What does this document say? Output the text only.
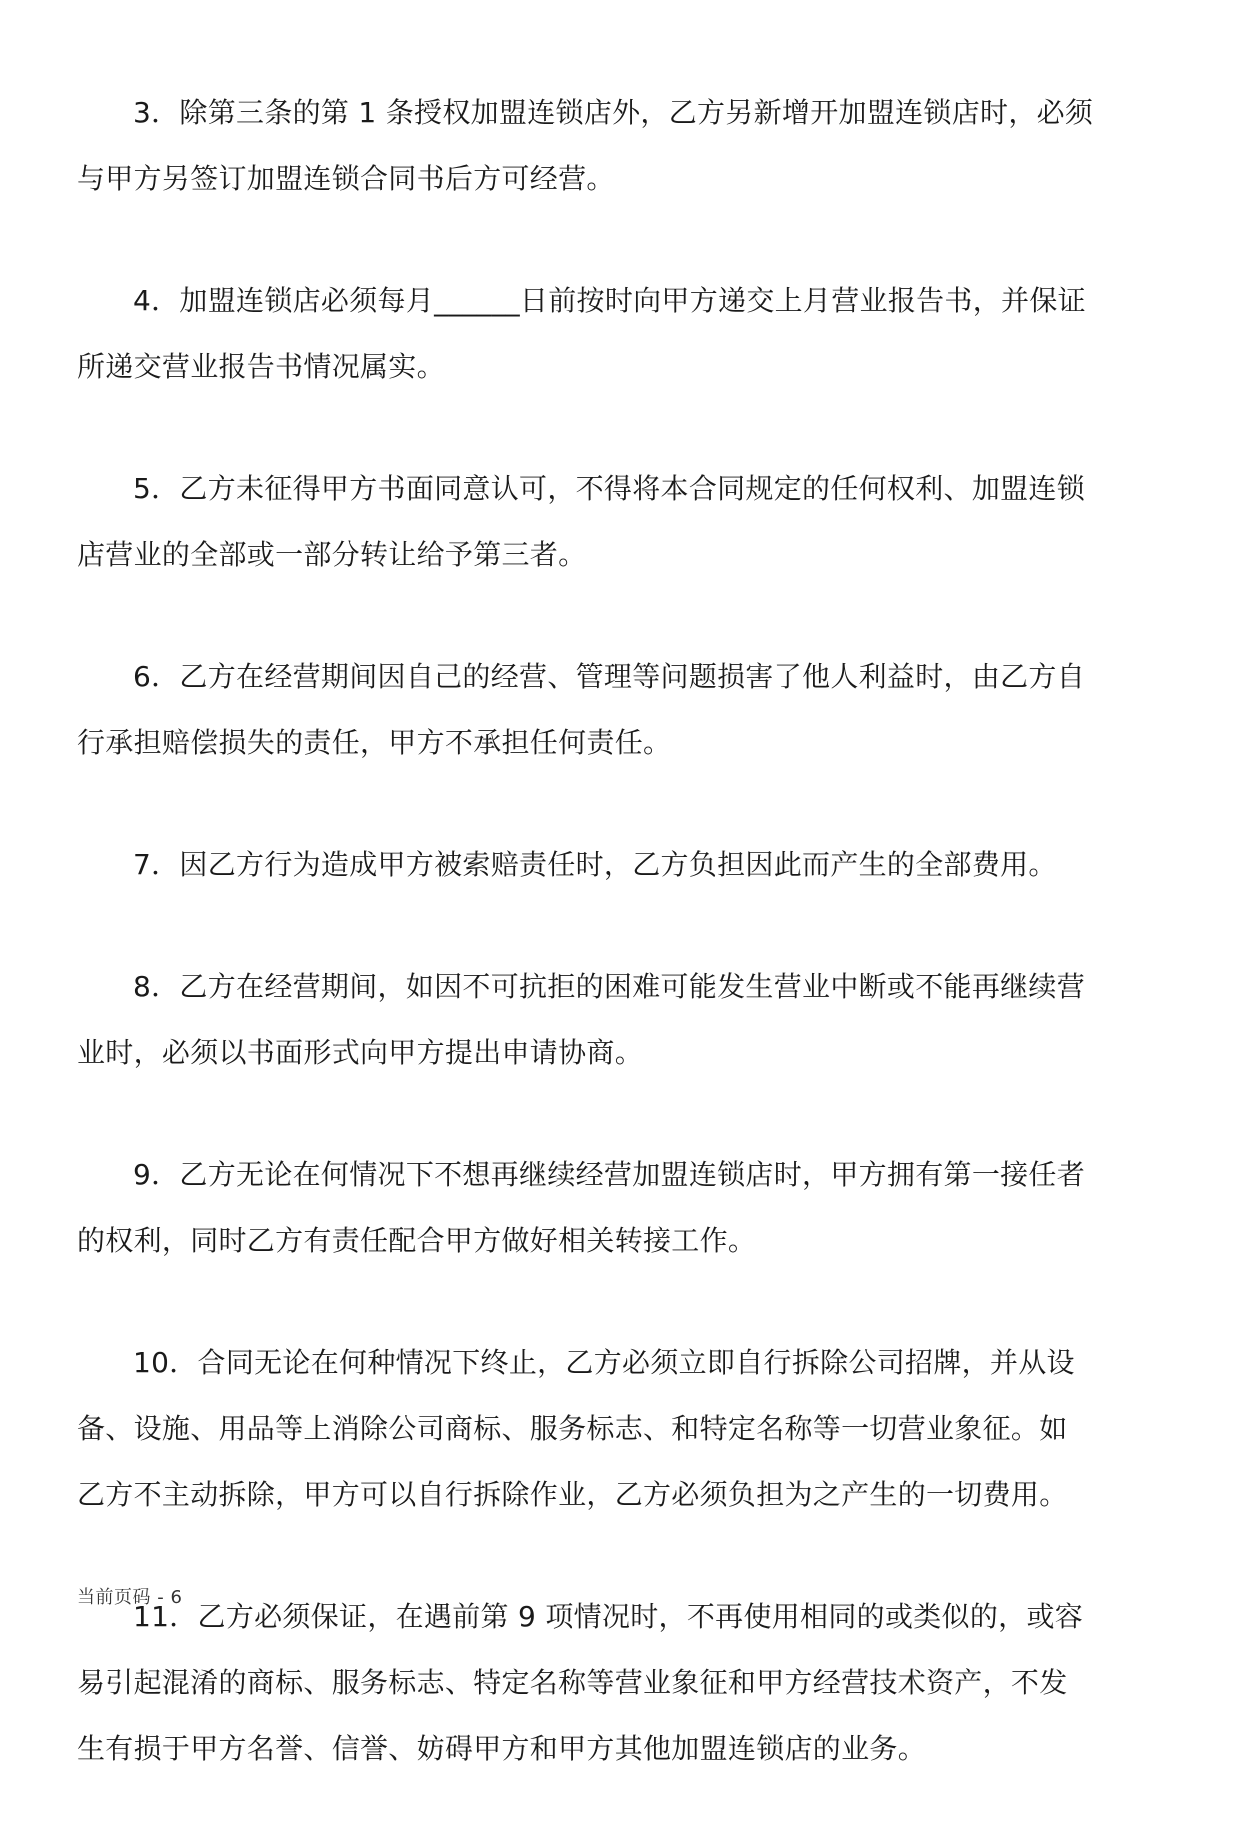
3．除第三条的第 1 条授权加盟连锁店外，乙方另新增开加盟连锁店时，必须
与甲方另签订加盟连锁合同书后方可经营。

4．加盟连锁店必须每月______日前按时向甲方递交上月营业报告书，并保证
所递交营业报告书情况属实。

5．乙方未征得甲方书面同意认可，不得将本合同规定的任何权利、加盟连锁
店营业的全部或一部分转让给予第三者。

6．乙方在经营期间因自己的经营、管理等问题损害了他人利益时，由乙方自
行承担赔偿损失的责任，甲方不承担任何责任。

7．因乙方行为造成甲方被索赔责任时，乙方负担因此而产生的全部费用。

8．乙方在经营期间，如因不可抗拒的困难可能发生营业中断或不能再继续营
业时，必须以书面形式向甲方提出申请协商。

9．乙方无论在何情况下不想再继续经营加盟连锁店时，甲方拥有第一接任者
的权利，同时乙方有责任配合甲方做好相关转接工作。

10．合同无论在何种情况下终止，乙方必须立即自行拆除公司招牌，并从设
备、设施、用品等上消除公司商标、服务标志、和特定名称等一切营业象征。如
乙方不主动拆除，甲方可以自行拆除作业，乙方必须负担为之产生的一切费用。

11．乙方必须保证，在遇前第 9 项情况时，不再使用相同的或类似的，或容
易引起混淆的商标、服务标志、特定名称等营业象征和甲方经营技术资产，不发
生有损于甲方名誉、信誉、妨碍甲方和甲方其他加盟连锁店的业务。

当前页码 - 6
